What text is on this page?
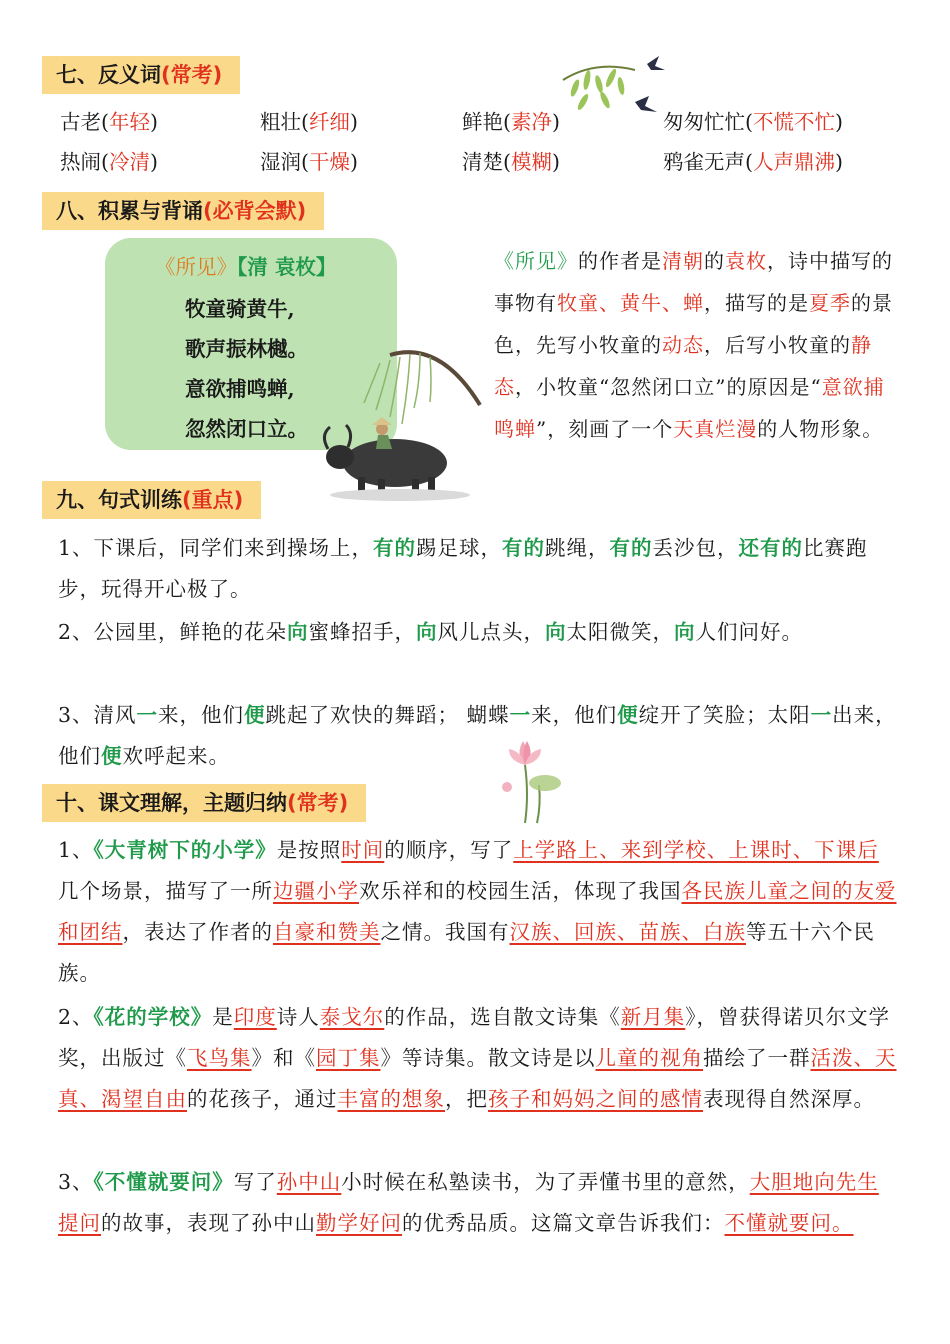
七、反义词(常考)
古老(年轻)	粗壮(纤细)	鲜艳(素净)	匆匆忙忙(不慌不忙)
热闹(冷清)	湿润(干燥)	清楚(模糊)	鸦雀无声(人声鼎沸)
八、积累与背诵(必背会默)
《所见》【清 袁枚】
牧童骑黄牛,
歌声振林樾。
意欲捕鸣蝉,
忽然闭口立。
《所见》的作者是清朝的袁枚，诗中描写的事物有牧童、黄牛、蝉，描写的是夏季的景色，先写小牧童的动态，后写小牧童的静态，小牧童“忽然闭口立”的原因是“意欲捕鸣蝉”，刻画了一个天真烂漫的人物形象。
九、句式训练(重点)
1、下课后，同学们来到操场上，有的踢足球，有的跳绳，有的丢沙包，还有的比赛跑步，玩得开心极了。
2、公园里，鲜艳的花朵向蜜蜂招手，向风儿点头，向太阳微笑，向人们问好。
3、清风一来，他们便跳起了欢快的舞蹈； 蝴蝶一来，他们便绽开了笑脸；太阳一出来，他们便欢呼起来。
十、课文理解，主题归纳(常考)
1、《大青树下的小学》是按照时间的顺序，写了上学路上、来到学校、上课时、下课后几个场景，描写了一所边疆小学欢乐祥和的校园生活，体现了我国各民族儿童之间的友爱和团结，表达了作者的自豪和赞美之情。我国有汉族、回族、苗族、白族等五十六个民族。
2、《花的学校》是印度诗人泰戈尔的作品，选自散文诗集《新月集》，曾获得诺贝尔文学奖，出版过《飞鸟集》和《园丁集》等诗集。散文诗是以儿童的视角描绘了一群活泼、天真、渴望自由的花孩子，通过丰富的想象，把孩子和妈妈之间的感情表现得自然深厚。
3、《不懂就要问》写了孙中山小时候在私塾读书，为了弄懂书里的意然，大胆地向先生提问的故事，表现了孙中山勤学好问的优秀品质。这篇文章告诉我们：不懂就要问。
